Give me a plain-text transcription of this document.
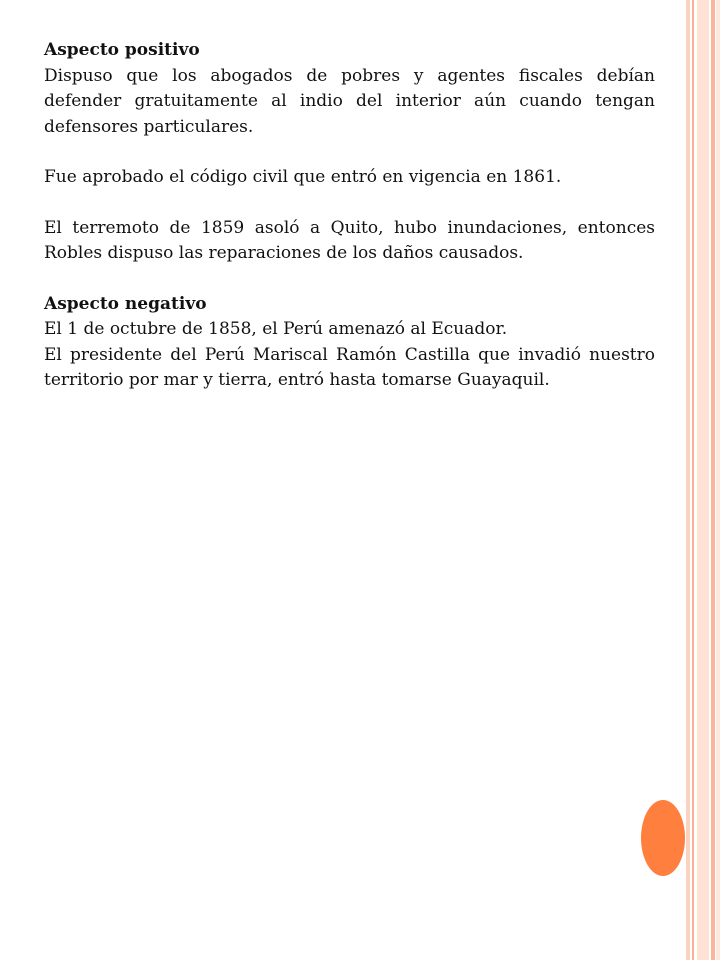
Aspecto positivo

Dispuso que los abogados de pobres y agentes fiscales debían defender gratuitamente al indio del interior aún cuando tengan defensores particulares.

Fue aprobado el código civil que entró en vigencia en 1861.

El terremoto de 1859 asoló a Quito, hubo inundaciones, entonces Robles dispuso las reparaciones de los daños causados.

Aspecto negativo

El 1 de octubre de 1858, el Perú amenazó al Ecuador.

El presidente del Perú Mariscal Ramón Castilla que invadió nuestro territorio por mar y tierra, entró hasta tomarse Guayaquil.
